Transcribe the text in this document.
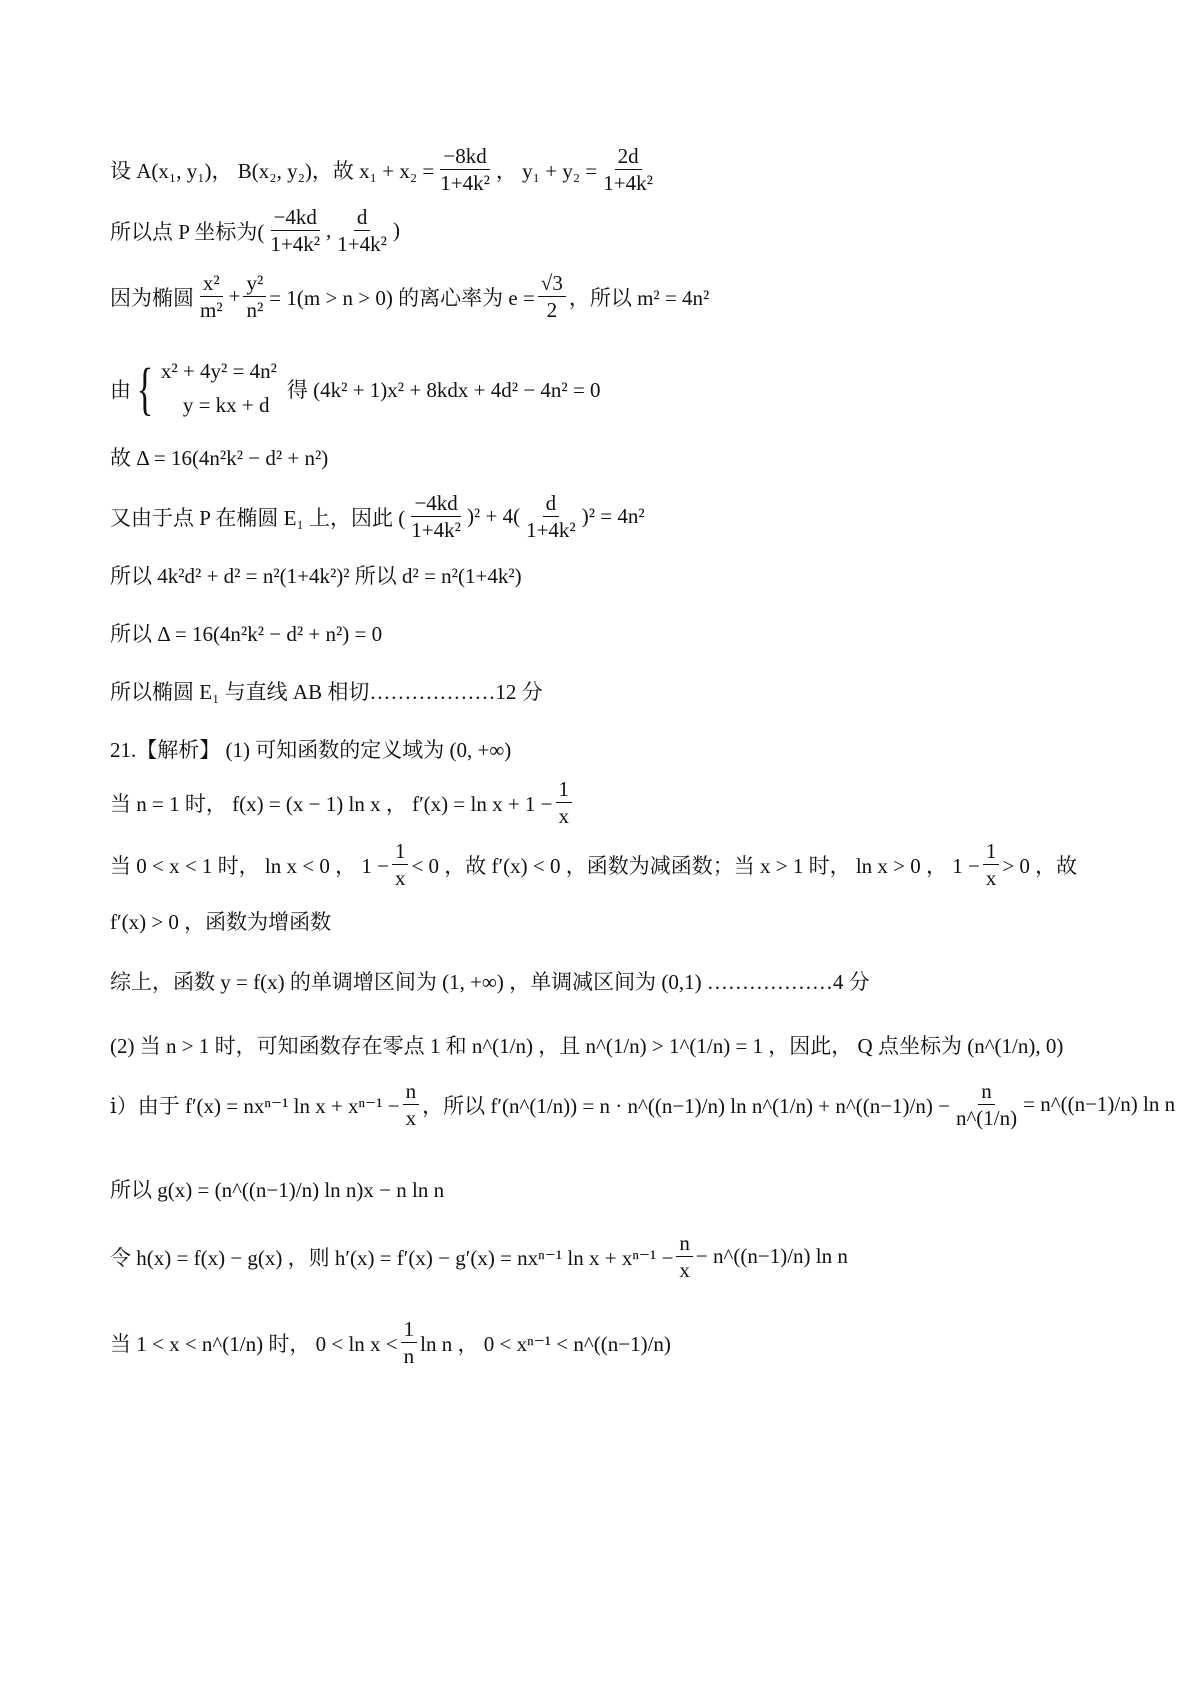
设 A(x₁, y₁)， B(x₂, y₂)，故 $x_1 + x_2 = \frac{-8kd}{\text{1+4k²}}$ ， $y_1 + y_2 = \frac{2d}{\text{1+4k²}}$
所以点 P 坐标为( $\frac{-4kd}{\text{1+4k²}}$ , $\frac{d}{\text{1+4k²}}$ )
因为椭圆 $\frac{\text{x²}}{\text{m²}} + \frac{\text{y²}}{\text{n²}} = 1(m > n > 0)$ 的离心率为 $e = \frac{√3}{2}$ ，所以 m² = 4n²
由 { x² + 4y² = 4n²
y = kx + d
得 (4k² + 1)x² + 8kdx + 4d² − 4n² = 0
故 Δ = 16(4n²k² − d² + n²)
又由于点 P 在椭圆 E₁ 上，因此 ( $\frac{-4kd}{\text{1+4k²}} )^2 + 4( \frac{d}{\text{1+4k²}} )^2 = 4n^2$
所以 4k²d² + d² = n²(1+4k²)² 所以 d² = n²(1+4k²)
所以 Δ = 16(4n²k² − d² + n²) = 0
所以椭圆 E₁ 与直线 AB 相切………………12 分
21.【解析】 (1) 可知函数的定义域为 (0, +∞)
当 n = 1 时， f(x) = (x − 1) ln x ， $f'(x) = \ln x + 1 - \frac{1}{x}$
当 0 < x < 1 时， ln x < 0 ， $1 - \frac{1}{x} < 0$ ，故 f′(x) < 0 ，函数为减函数；当 x > 1 时， ln x > 0 ， $1 - \frac{1}{x} > 0$ ，故
f′(x) > 0 ，函数为增函数
综上，函数 y = f(x) 的单调增区间为 (1, +∞) ，单调减区间为 (0,1) ………………4 分
(2) 当 n > 1 时，可知函数存在零点 1 和 n^(1/n) ，且 n^(1/n) > 1^(1/n) = 1 ，因此， Q 点坐标为 (n^(1/n), 0)
ⅰ）由于 f′(x) = nxⁿ⁻¹ $\ln x + x^{n-1} - \frac{n}{x}$ ，所以 f′(n^(1/n)) = n · n^((n−1)/n) ln n^(1/n) + n^((n−1)/n) − $\frac{n}{n\^{}(1/n)}$ = n^((n−1)/n) ln n
所以 g(x) = (n^((n−1)/n) ln n)x − n ln n
令 h(x) = f(x) − g(x) ，则 h′(x) = f′(x) − g′(x) = nxⁿ⁻¹ $\ln x + x^{n-1} - \frac{n}{x}$ − n^((n−1)/n) ln n
当 1 < x < n^(1/n) 时， $0 < \ln x < \frac{1}{n}$ ln n ， 0 < xⁿ⁻¹ < n^((n−1)/n)
